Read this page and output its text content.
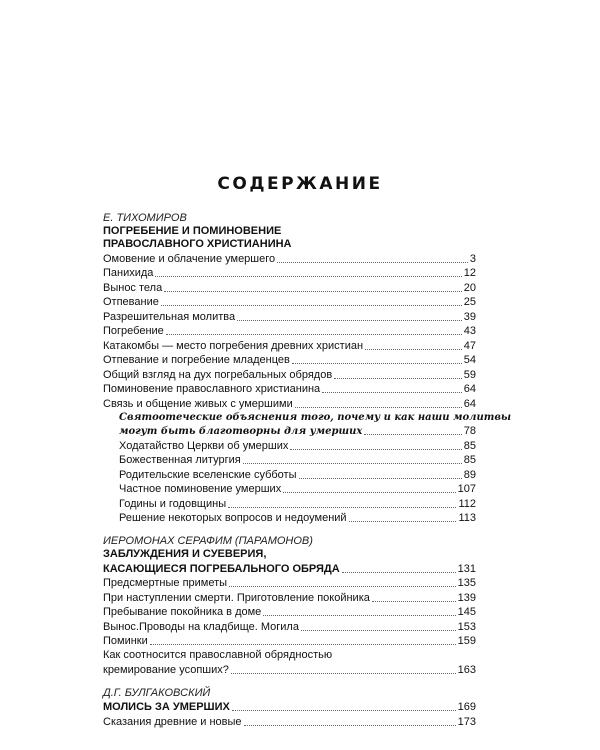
СОДЕРЖАНИЕ
Е. ТИХОМИРОВ
ПОГРЕБЕНИЕ И ПОМИНОВЕНИЕ
ПРАВОСЛАВНОГО ХРИСТИАНИНА
Омовение и облачение умершего	3
Панихида	12
Вынос тела	20
Отпевание	25
Разрешительная молитва	39
Погребение	43
Катакомбы — место погребения древних христиан	47
Отпевание и погребение младенцев	54
Общий взгляд на дух погребальных обрядов	59
Поминовение православного христианина	64
Связь и общение живых с умершими	64
Святоотеческие объяснения того, почему и как наши молитвы
могут быть благотворны для умерших	78
Ходатайство Церкви об умерших	85
Божественная литургия	85
Родительские вселенские субботы	89
Частное поминовение умерших	107
Годины и годовщины	112
Решение некоторых вопросов и недоумений	113
ИЕРОМОНАХ СЕРАФИМ (ПАРАМОНОВ)
ЗАБЛУЖДЕНИЯ И СУЕВЕРИЯ,
КАСАЮЩИЕСЯ ПОГРЕБАЛЬНОГО ОБРЯДА	131
Предсмертные приметы	135
При наступлении смерти. Приготовление покойника	139
Пребывание покойника в доме	145
Вынос.Проводы на кладбище. Могила	153
Поминки	159
Как соотносится православной обрядностью
кремирование усопших?	163
Д.Г. БУЛГАКОВСКИЙ
МОЛИСЬ ЗА УМЕРШИХ	169
Сказания древние и новые	173
